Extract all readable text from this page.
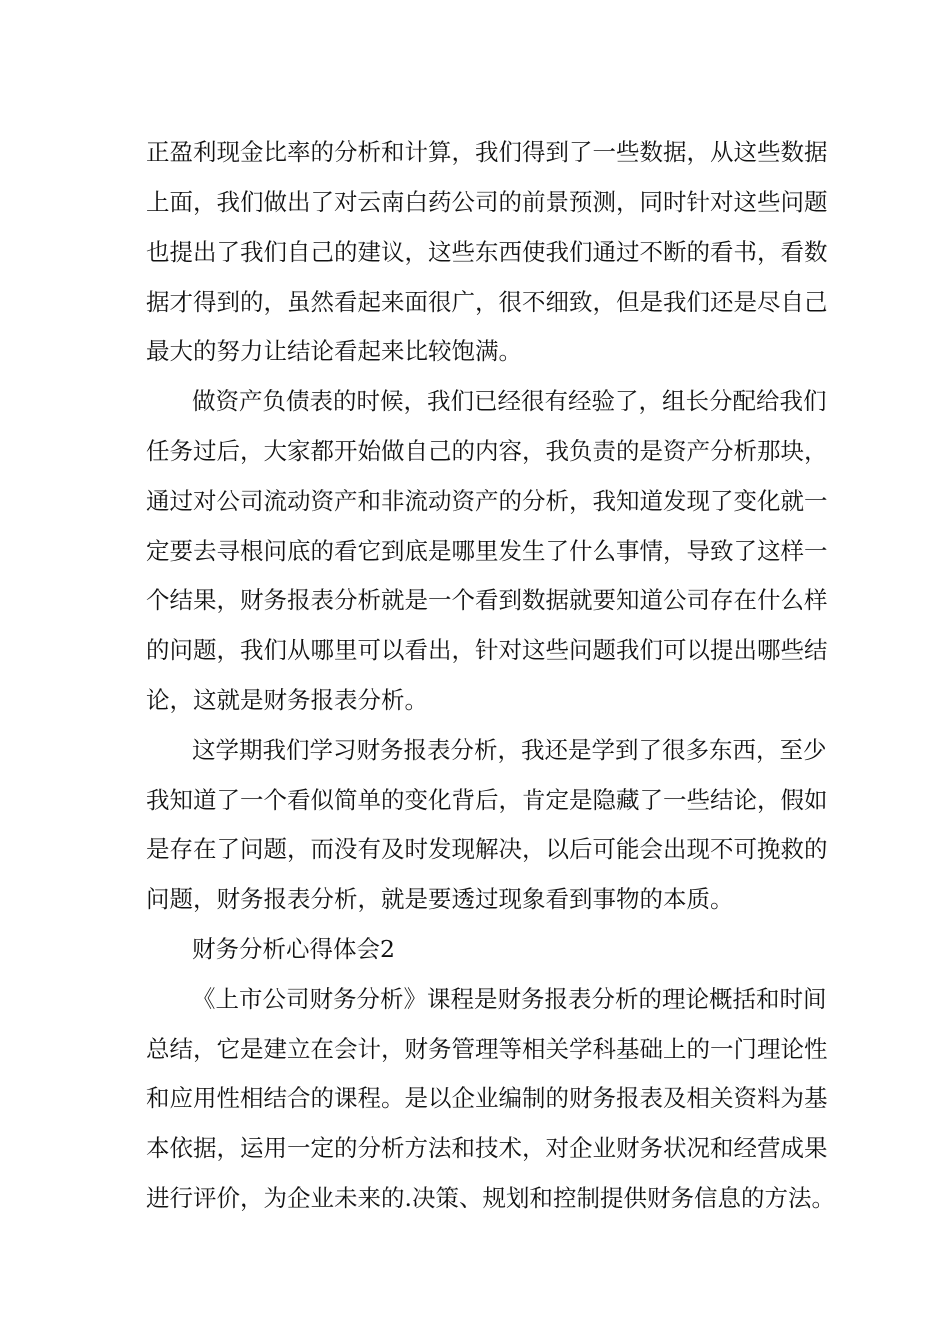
正盈利现金比率的分析和计算，我们得到了一些数据，从这些数据
上面，我们做出了对云南白药公司的前景预测，同时针对这些问题
也提出了我们自己的建议，这些东西使我们通过不断的看书，看数
据才得到的，虽然看起来面很广，很不细致，但是我们还是尽自己
最大的努力让结论看起来比较饱满。
做资产负债表的时候，我们已经很有经验了，组长分配给我们
任务过后，大家都开始做自己的内容，我负责的是资产分析那块，
通过对公司流动资产和非流动资产的分析，我知道发现了变化就一
定要去寻根问底的看它到底是哪里发生了什么事情，导致了这样一
个结果，财务报表分析就是一个看到数据就要知道公司存在什么样
的问题，我们从哪里可以看出，针对这些问题我们可以提出哪些结
论，这就是财务报表分析。
这学期我们学习财务报表分析，我还是学到了很多东西，至少
我知道了一个看似简单的变化背后，肯定是隐藏了一些结论，假如
是存在了问题，而没有及时发现解决，以后可能会出现不可挽救的
问题，财务报表分析，就是要透过现象看到事物的本质。
财务分析心得体会2
《上市公司财务分析》课程是财务报表分析的理论概括和时间
总结，它是建立在会计，财务管理等相关学科基础上的一门理论性
和应用性相结合的课程。是以企业编制的财务报表及相关资料为基
本依据，运用一定的分析方法和技术，对企业财务状况和经营成果
进行评价，为企业未来的.决策、规划和控制提供财务信息的方法。
